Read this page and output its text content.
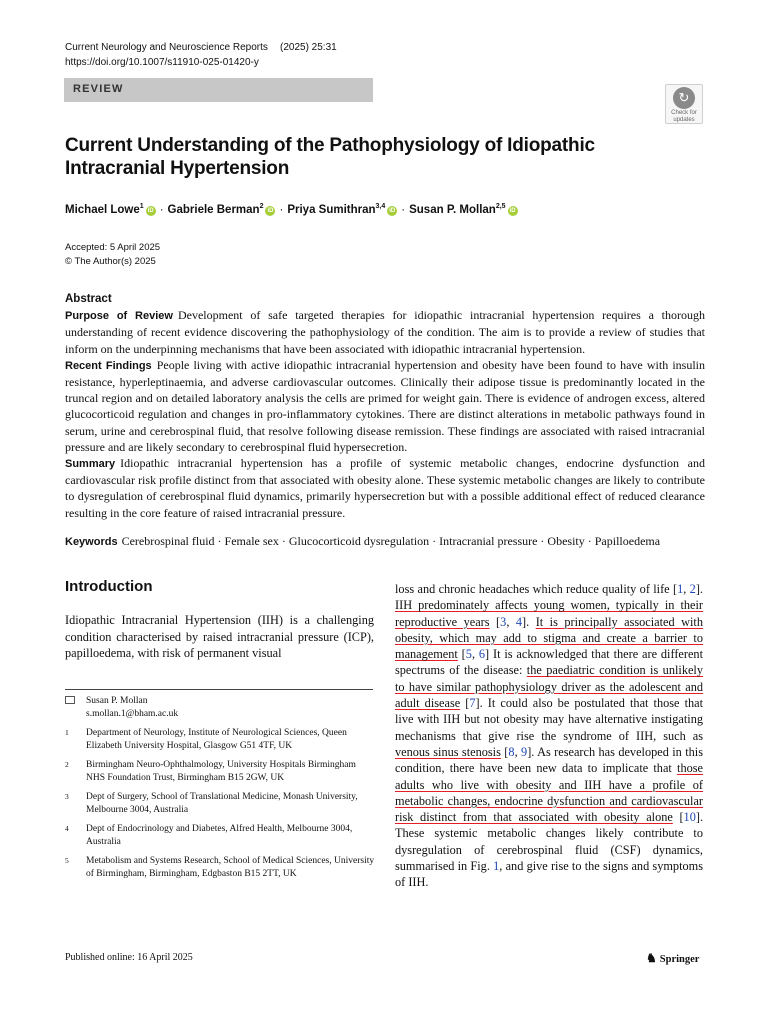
Current Neurology and Neuroscience Reports (2025) 25:31
https://doi.org/10.1007/s11910-025-01420-y
REVIEW
↻
Check for
updates
Current Understanding of the Pathophysiology of Idiopathic Intracranial Hypertension
Michael Lowe$^1$iD · Gabriele Berman$^2$iD · Priya Sumithran$^{3,4}$iD · Susan P. Mollan$^{2,5}$iD
Accepted: 5 April 2025
© The Author(s) 2025
Abstract

Purpose of Review Development of safe targeted therapies for idiopathic intracranial hypertension requires a thorough understanding of recent evidence discovering the pathophysiology of the condition. The aim is to provide a review of studies that inform on the underpinning mechanisms that have been associated with idiopathic intracranial hypertension.

Recent Findings People living with active idiopathic intracranial hypertension and obesity have been found to have with insulin resistance, hyperleptinaemia, and adverse cardiovascular outcomes. Clinically their adipose tissue is predominantly located in the truncal region and on detailed laboratory analysis the cells are primed for weight gain. There is evidence of androgen excess, altered glucocorticoid regulation and changes in pro-inflammatory cytokines. There are distinct alterations in metabolic pathways found in serum, urine and cerebrospinal fluid, that resolve following disease remission. These findings are associated with raised intracranial pressure and are likely secondary to cerebrospinal fluid hypersecretion.

Summary Idiopathic intracranial hypertension has a profile of systemic metabolic changes, endocrine dysfunction and cardiovascular risk profile distinct from that associated with obesity alone. These systemic metabolic changes are likely to contribute to dysregulation of cerebrospinal fluid dynamics, primarily hypersecretion but with a possible additional effect of reduced clearance resulting in the core feature of raised intracranial pressure.

Keywords Cerebrospinal fluid · Female sex · Glucocorticoid dysregulation · Intracranial pressure · Obesity · Papilloedema
Introduction

Idiopathic Intracranial Hypertension (IIH) is a challenging condition characterised by raised intracranial pressure (ICP), papilloedema, with risk of permanent visual

Susan P. Mollan
s.mollan.1@bham.ac.uk
1 Department of Neurology, Institute of Neurological Sciences, Queen Elizabeth University Hospital, Glasgow G51 4TF, UK
2 Birmingham Neuro-Ophthalmology, University Hospitals Birmingham NHS Foundation Trust, Birmingham B15 2GW, UK
3 Dept of Surgery, School of Translational Medicine, Monash University, Melbourne 3004, Australia
4 Dept of Endocrinology and Diabetes, Alfred Health, Melbourne 3004, Australia
5 Metabolism and Systems Research, School of Medical Sciences, University of Birmingham, Birmingham, Edgbaston B15 2TT, UK

loss and chronic headaches which reduce quality of life [1, 2]. IIH predominately affects young women, typically in their reproductive years [3, 4]. It is principally associated with obesity, which may add to stigma and create a barrier to management [5, 6] It is acknowledged that there are different spectrums of the disease: the paediatric condition is unlikely to have similar pathophysiology driver as the adolescent and adult disease [7]. It could also be postulated that those that live with IIH but not obesity may have alternative instigating mechanisms that give rise the syndrome of IIH, such as venous sinus stenosis [8, 9]. As research has developed in this condition, there have been new data to implicate that those adults who live with obesity and IIH have a profile of metabolic changes, endocrine dysfunction and cardiovascular risk distinct from that associated with obesity alone [10]. These systemic metabolic changes likely contribute to dysregulation of cerebrospinal fluid (CSF) dynamics, summarised in Fig. 1, and give rise to the signs and symptoms of IIH.

Published online: 16 April 2025	♞ Springer
